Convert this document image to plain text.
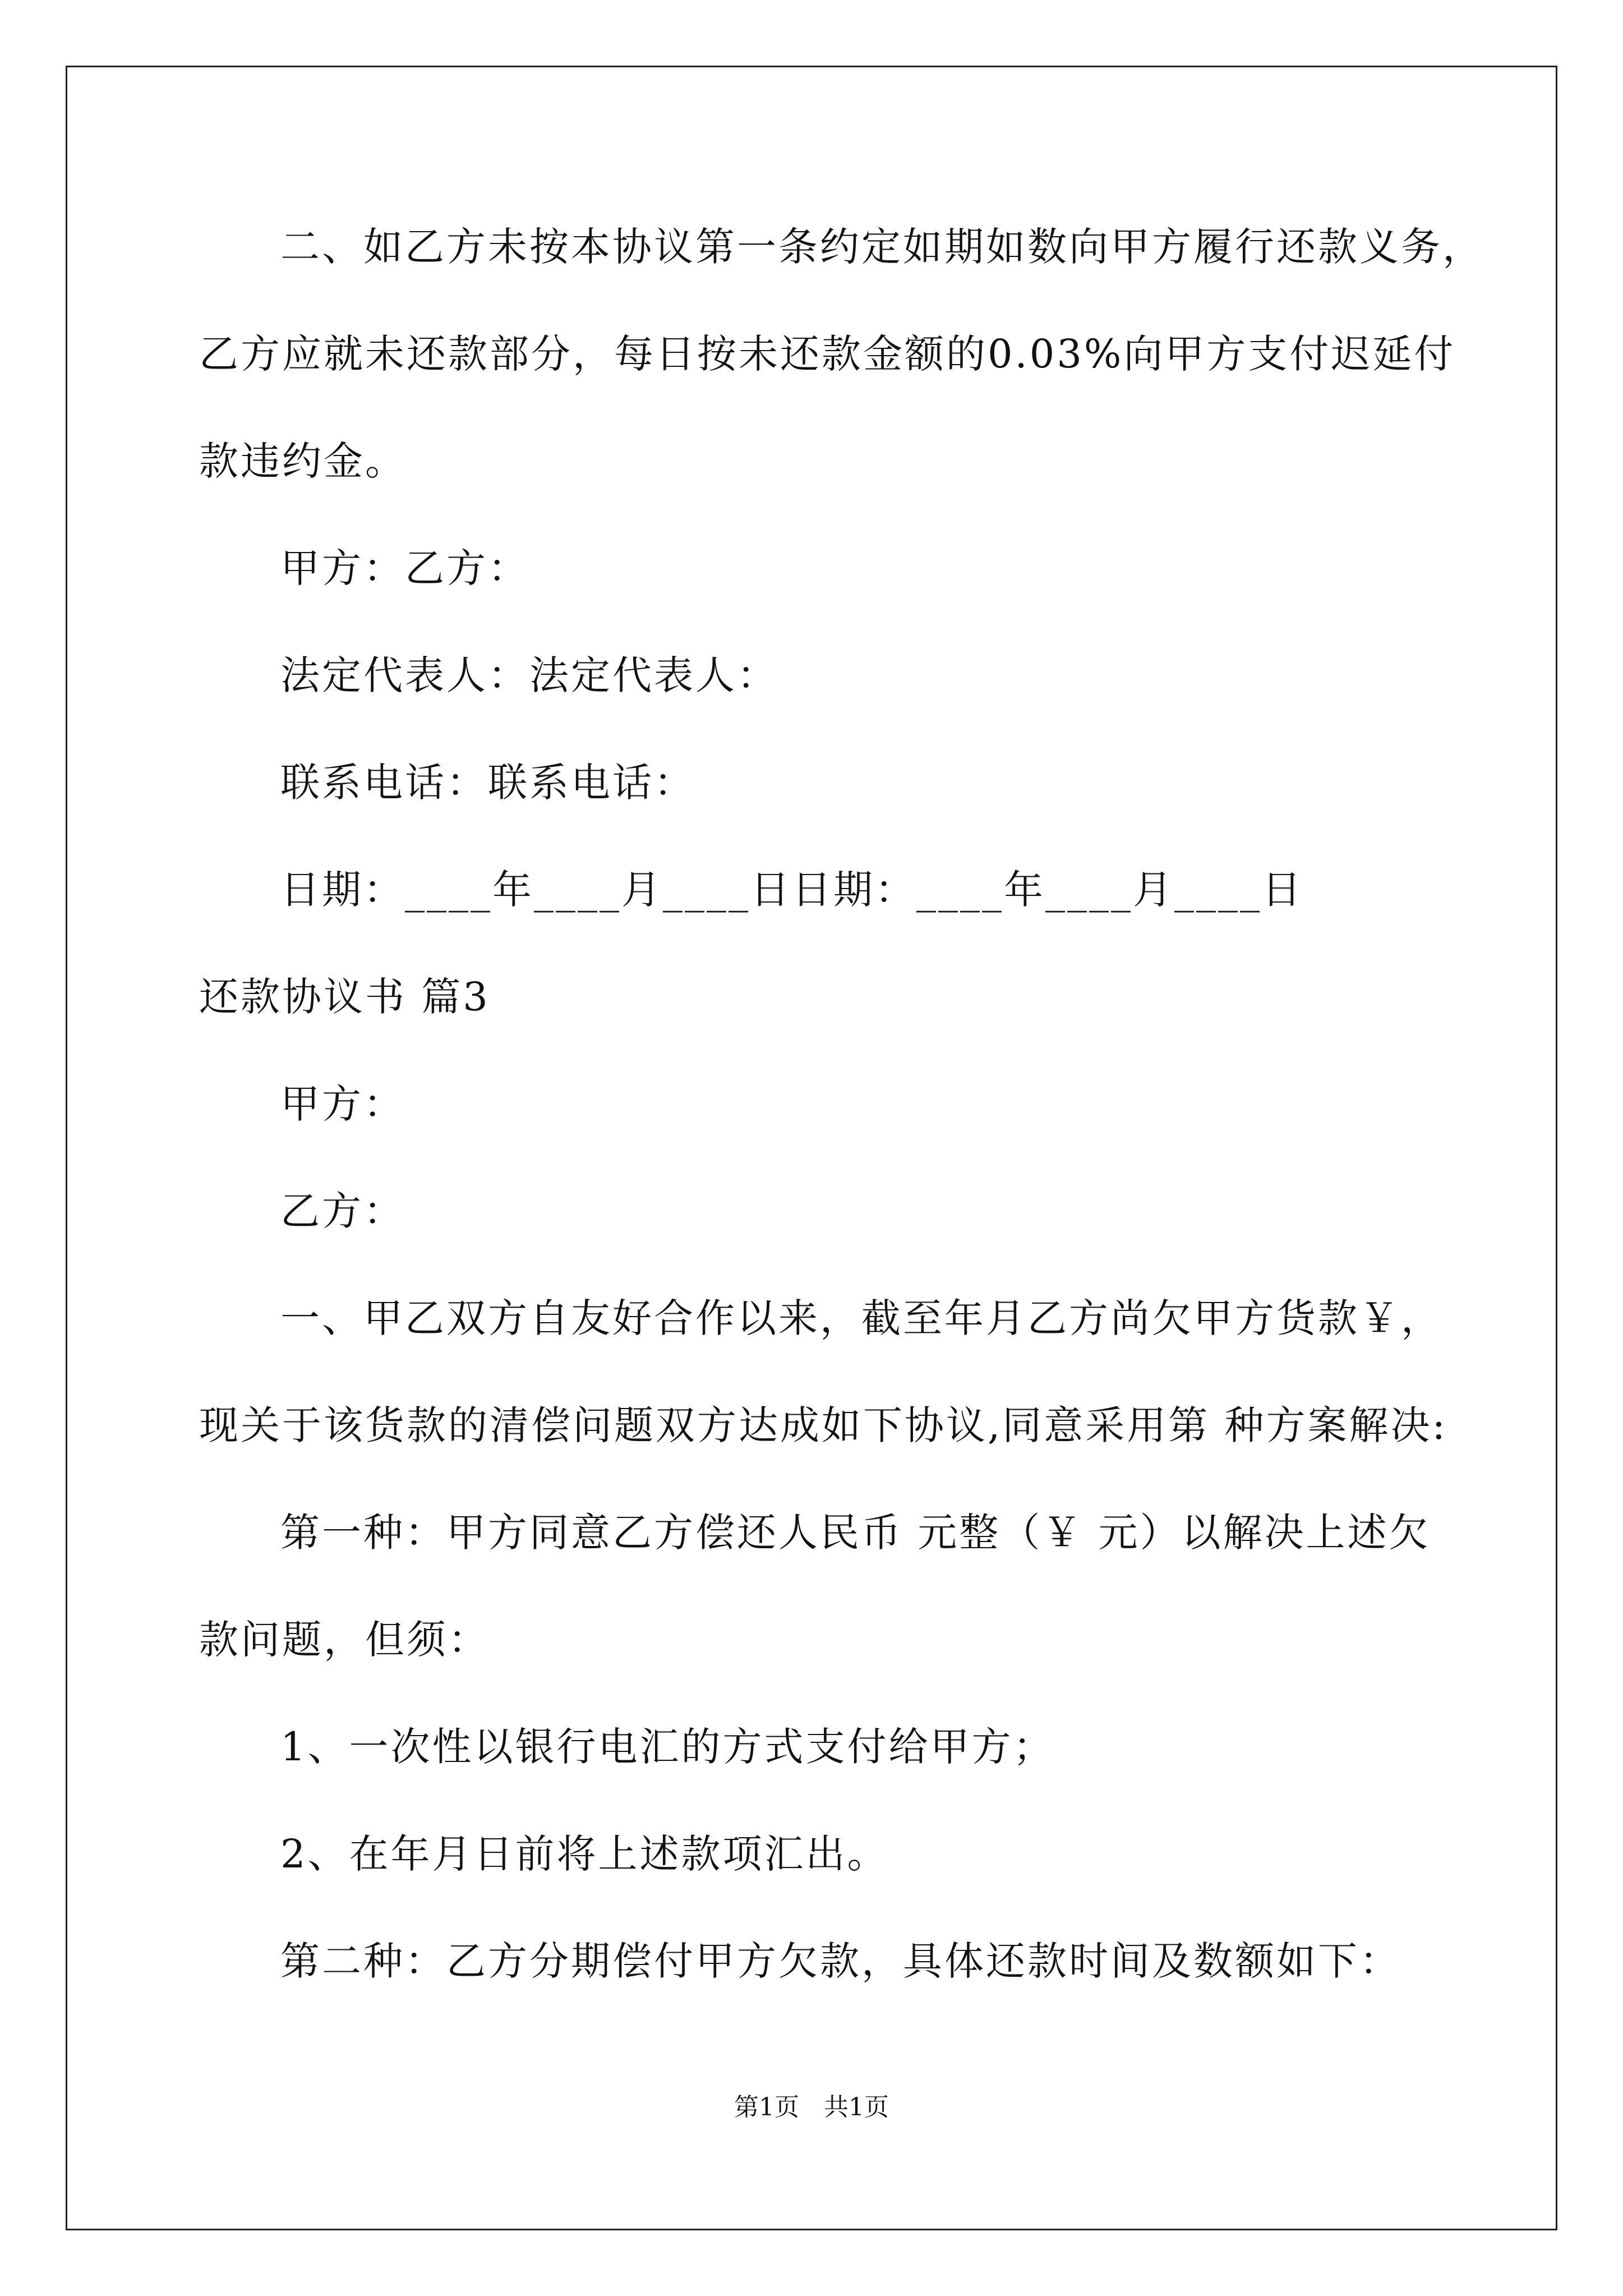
二、如乙方未按本协议第一条约定如期如数向甲方履行还款义务，

乙方应就未还款部分，每日按未还款金额的0.03%向甲方支付迟延付

款违约金。

甲方：乙方：

法定代表人：法定代表人：

联系电话：联系电话：

日期：____年____月____日日期：____年____月____日

还款协议书 篇3

甲方：

乙方：

一、甲乙双方自友好合作以来，截至年月乙方尚欠甲方货款￥，

现关于该货款的清偿问题双方达成如下协议,同意采用第 种方案解决:

第一种：甲方同意乙方偿还人民币 元整（￥ 元）以解决上述欠

款问题，但须：

1、一次性以银行电汇的方式支付给甲方；

2、在年月日前将上述款项汇出。

第二种：乙方分期偿付甲方欠款，具体还款时间及数额如下：

第1页　共1页
